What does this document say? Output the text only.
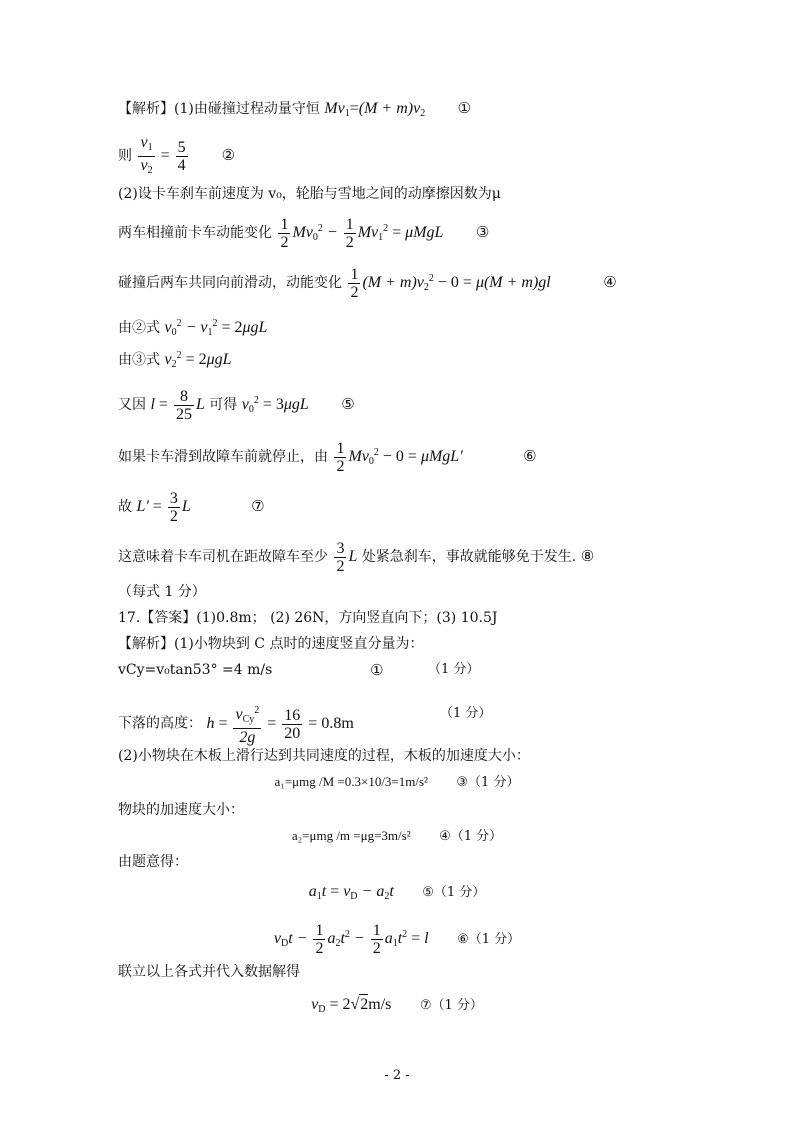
【解析】(1)由碰撞过程动量守恒 $Mv_1=(M + m)v_2$ ①
则 $\frac{v_1}{v_2} = \frac{5}{4}$ ②
(2)设卡车刹车前速度为 v₀，轮胎与雪地之间的动摩擦因数为μ
两车相撞前卡车动能变化 $\frac{1}{2} Mv_0^2 - \frac{1}{2} Mv_1^2 = \mu MgL$ ③
碰撞后两车共同向前滑动，动能变化 $\frac{1}{2} (M + m)v_2^2 - 0 = \mu(M + m)gl$	④
由②式 $v_0^2 - v_1^2 = 2\mu gL$
由③式 $v_2^2 = 2\mu gL$
又因 $l = \frac{8}{25}$ L 可得 $v_0^2 = 3\mu gL$ ⑤
如果卡车滑到故障车前就停止，由 $\frac{1}{2} Mv_0^2 - 0 = \mu MgL'$	⑥
故 $L' = \frac{3}{2}$ L	⑦
这意味着卡车司机在距故障车至少 $\frac{3}{2}$ L 处紧急刹车，事故就能够免于发生. ⑧
（每式 1 分）
17.【答案】(1)0.8m； (2) 26N，方向竖直向下；(3) 10.5J
【解析】(1)小物块到 C 点时的速度竖直分量为：
vCy=v₀tan53° =4 m/s	①	（1 分）
下落的高度： $h = \frac{v_{Cy}^2}{2g} = \frac{16}{20} = 0.8m$
（1 分）
(2)小物块在木板上滑行达到共同速度的过程，木板的加速度大小：
a₁=μmg /M =0.3×10/3=1m/s² ③（1 分）
物块的加速度大小：
a₂=μmg /m =μg=3m/s² ④（1 分）
由题意得：
$a_1t = v_D - a_2t$ ⑤（1 分）
$v_Dt - \frac{1}{2} a_2t^2 - \frac{1}{2} a_1t^2 = l$ ⑥（1 分）
联立以上各式并代入数据解得
$v_D = 2√2m/s$ ⑦（1 分）
- 2 -
